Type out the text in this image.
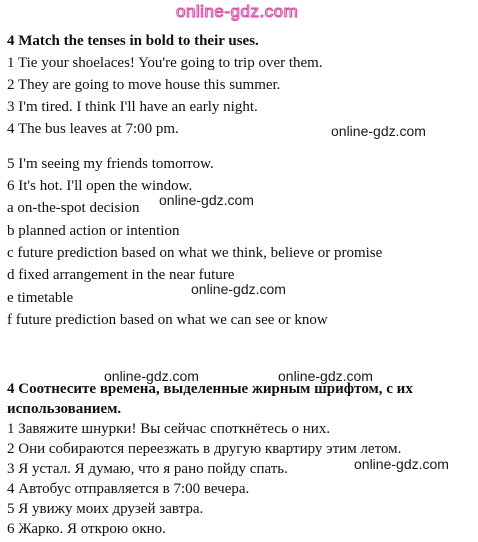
online-gdz.com
4 Match the tenses in bold to their uses.
1 Tie your shoelaces! You're going to trip over them.
2 They are going to move house this summer.
3 I'm tired. I think I'll have an early night.
4 The bus leaves at 7:00 pm.
5 I'm seeing my friends tomorrow.
6 It's hot. I'll open the window.
a on-the-spot decision
b planned action or intention
c future prediction based on what we think, believe or promise
d fixed arrangement in the near future
e timetable
f future prediction based on what we can see or know
4 Соотнесите времена, выделенные жирным шрифтом, с их
использованием.
1 Завяжите шнурки! Вы сейчас споткнётесь о них.
2 Они собираются переезжать в другую квартиру этим летом.
3 Я устал. Я думаю, что я рано пойду спать.
4 Автобус отправляется в 7:00 вечера.
5 Я увижу моих друзей завтра.
6 Жарко. Я открою окно.
online-gdz.com
online-gdz.com
online-gdz.com
online-gdz.com	online-gdz.com
online-gdz.com
